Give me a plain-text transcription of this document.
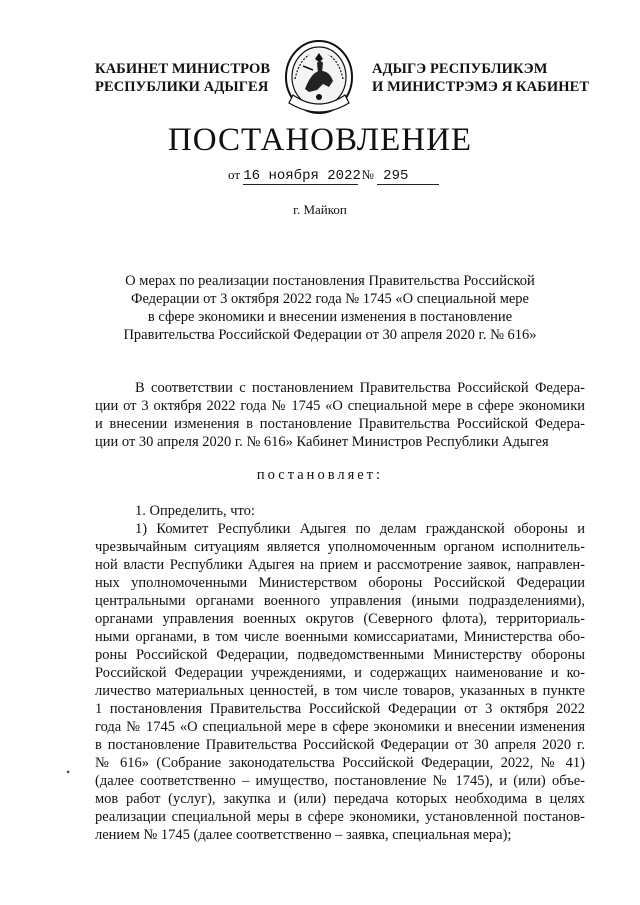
КАБИНЕТ МИНИСТРОВ
РЕСПУБЛИКИ АДЫГЕЯ
АДЫГЭ РЕСПУБЛИКЭМ
И МИНИСТРЭМЭ Я КАБИНЕТ
ПОСТАНОВЛЕНИЕ
от 16 ноября 2022 № 295
г. Майкоп
О мерах по реализации постановления Правительства Российской
Федерации от 3 октября 2022 года № 1745 «О специальной мере
в сфере экономики и внесении изменения в постановление
Правительства Российской Федерации от 30 апреля 2020 г. № 616»
В соответствии с постановлением Правительства Российской Федера-
ции от 3 октября 2022 года № 1745 «О специальной мере в сфере экономики
и внесении изменения в постановление Правительства Российской Федера-
ции от 30 апреля 2020 г. № 616» Кабинет Министров Республики Адыгея
постановляет:
1. Определить, что:
1) Комитет Республики Адыгея по делам гражданской обороны и
чрезвычайным ситуациям является уполномоченным органом исполнитель-
ной власти Республики Адыгея на прием и рассмотрение заявок, направлен-
ных уполномоченными Министерством обороны Российской Федерации
центральными органами военного управления (иными подразделениями),
органами управления военных округов (Северного флота), территориаль-
ными органами, в том числе военными комиссариатами, Министерства обо-
роны Российской Федерации, подведомственными Министерству обороны
Российской Федерации учреждениями, и содержащих наименование и ко-
личество материальных ценностей, в том числе товаров, указанных в пункте
1 постановления Правительства Российской Федерации от 3 октября 2022
года № 1745 «О специальной мере в сфере экономики и внесении изменения
в постановление Правительства Российской Федерации от 30 апреля 2020 г.
№ 616» (Собрание законодательства Российской Федерации, 2022, № 41)
(далее соответственно – имущество, постановление № 1745), и (или) объе-
мов работ (услуг), закупка и (или) передача которых необходима в целях
реализации специальной меры в сфере экономики, установленной постанов-
лением № 1745 (далее соответственно – заявка, специальная мера);
•
